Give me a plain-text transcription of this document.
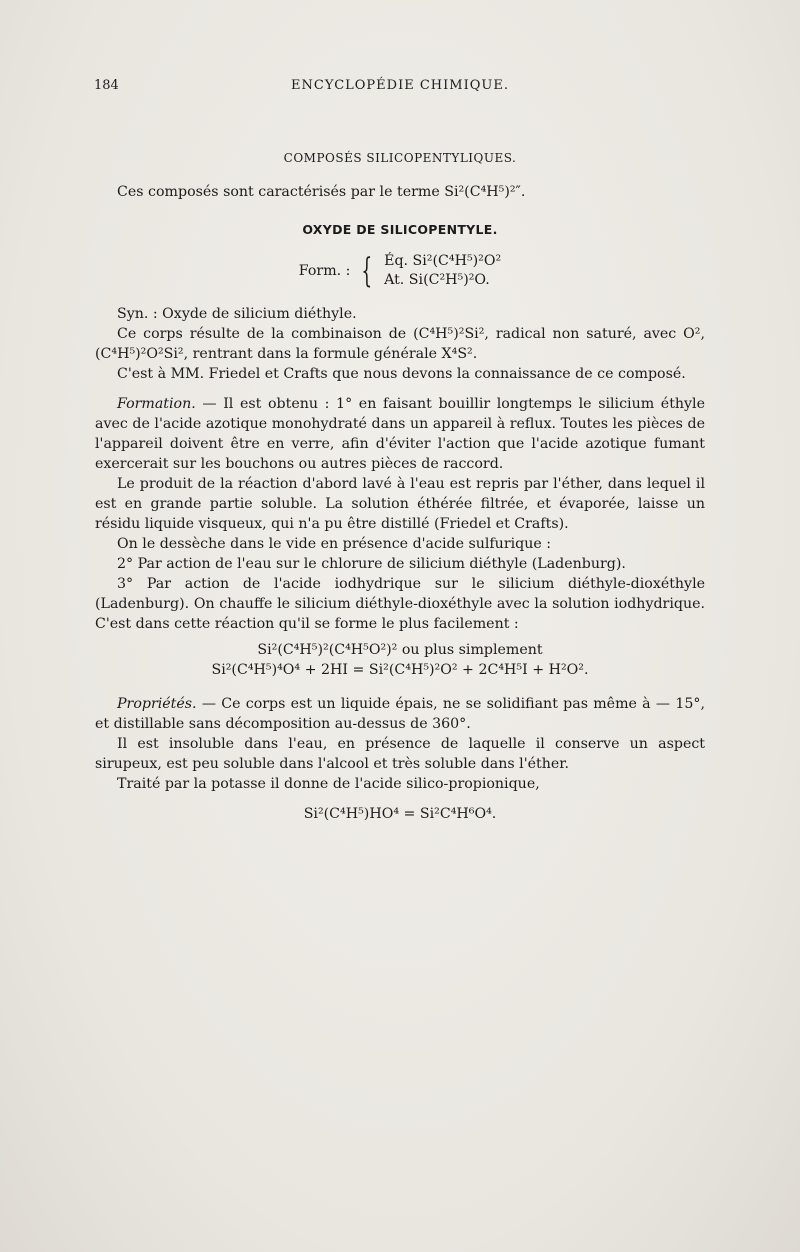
184	ENCYCLOPÉDIE CHIMIQUE.
COMPOSÉS SILICOPENTYLIQUES.

Ces composés sont caractérisés par le terme Si²(C⁴H⁵)²″.

OXYDE DE SILICOPENTYLE.
Form. : { Éq. Si²(C⁴H⁵)²O²
At. Si(C²H⁵)²O.

Syn. : Oxyde de silicium diéthyle.

Ce corps résulte de la combinaison de (C⁴H⁵)²Si², radical non saturé, avec O², (C⁴H⁵)²O²Si², rentrant dans la formule générale X⁴S².

C'est à MM. Friedel et Crafts que nous devons la connaissance de ce composé.

Formation. — Il est obtenu : 1° en faisant bouillir longtemps le silicium éthyle avec de l'acide azotique monohydraté dans un appareil à reflux. Toutes les pièces de l'appareil doivent être en verre, afin d'éviter l'action que l'acide azotique fumant exercerait sur les bouchons ou autres pièces de raccord.

Le produit de la réaction d'abord lavé à l'eau est repris par l'éther, dans lequel il est en grande partie soluble. La solution éthérée filtrée, et évaporée, laisse un résidu liquide visqueux, qui n'a pu être distillé (Friedel et Crafts).

On le dessèche dans le vide en présence d'acide sulfurique :

2° Par action de l'eau sur le chlorure de silicium diéthyle (Ladenburg).

3° Par action de l'acide iodhydrique sur le silicium diéthyle-dioxéthyle (Ladenburg). On chauffe le silicium diéthyle-dioxéthyle avec la solution iodhydrique. C'est dans cette réaction qu'il se forme le plus facilement :

Si²(C⁴H⁵)²(C⁴H⁵O²)² ou plus simplement
Si²(C⁴H⁵)⁴O⁴ + 2HI = Si²(C⁴H⁵)²O² + 2C⁴H⁵I + H²O².

Propriétés. — Ce corps est un liquide épais, ne se solidifiant pas même à — 15°, et distillable sans décomposition au-dessus de 360°.

Il est insoluble dans l'eau, en présence de laquelle il conserve un aspect sirupeux, est peu soluble dans l'alcool et très soluble dans l'éther.

Traité par la potasse il donne de l'acide silico-propionique,

Si²(C⁴H⁵)HO⁴ = Si²C⁴H⁶O⁴.
